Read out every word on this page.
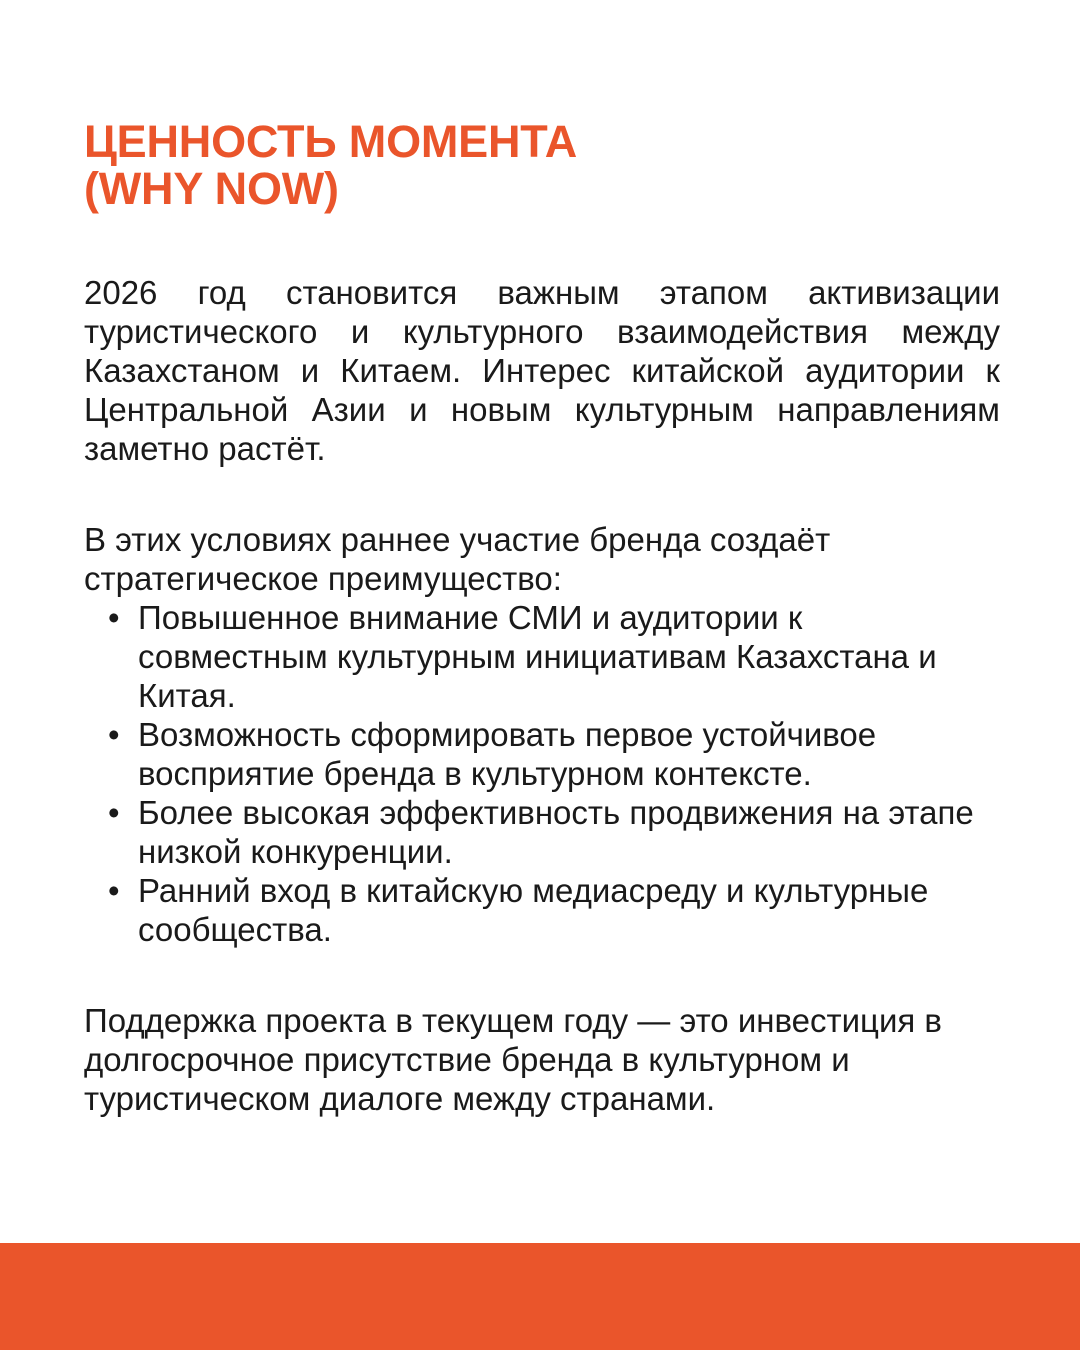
ЦЕННОСТЬ МОМЕНТА
(WHY NOW)

2026 год становится важным этапом активизации туристического и культурного взаимодействия между Казахстаном и Китаем. Интерес китайской аудитории к Центральной Азии и новым культурным направлениям заметно растёт.

В этих условиях раннее участие бренда создаёт
стратегическое преимущество:

• Повышенное внимание СМИ и аудитории к совместным культурным инициативам Казахстана и Китая.
• Возможность сформировать первое устойчивое восприятие бренда в культурном контексте.
• Более высокая эффективность продвижения на этапе низкой конкуренции.
• Ранний вход в китайскую медиасреду и культурные сообщества.

Поддержка проекта в текущем году — это инвестиция в
долгосрочное присутствие бренда в культурном и
туристическом диалоге между странами.
